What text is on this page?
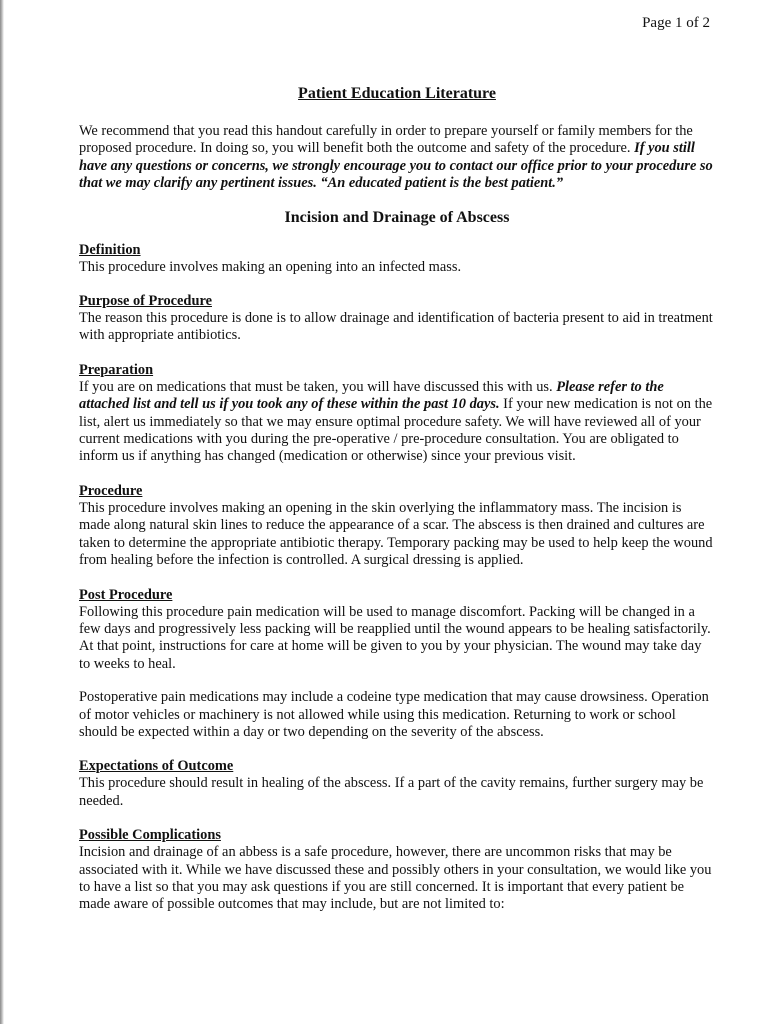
Page 1 of 2
Patient Education Literature

We recommend that you read this handout carefully in order to prepare yourself or family members for the proposed procedure. In doing so, you will benefit both the outcome and safety of the procedure. If you still have any questions or concerns, we strongly encourage you to contact our office prior to your procedure so that we may clarify any pertinent issues. “An educated patient is the best patient.”

Incision and Drainage of Abscess
Definition

This procedure involves making an opening into an infected mass.

Purpose of Procedure

The reason this procedure is done is to allow drainage and identification of bacteria present to aid in treatment with appropriate antibiotics.

Preparation

If you are on medications that must be taken, you will have discussed this with us. Please refer to the attached list and tell us if you took any of these within the past 10 days. If your new medication is not on the list, alert us immediately so that we may ensure optimal procedure safety. We will have reviewed all of your current medications with you during the pre-operative / pre-procedure consultation. You are obligated to inform us if anything has changed (medication or otherwise) since your previous visit.

Procedure

This procedure involves making an opening in the skin overlying the inflammatory mass. The incision is made along natural skin lines to reduce the appearance of a scar. The abscess is then drained and cultures are taken to determine the appropriate antibiotic therapy. Temporary packing may be used to help keep the wound from healing before the infection is controlled. A surgical dressing is applied.

Post Procedure

Following this procedure pain medication will be used to manage discomfort. Packing will be changed in a few days and progressively less packing will be reapplied until the wound appears to be healing satisfactorily. At that point, instructions for care at home will be given to you by your physician. The wound may take day to weeks to heal.

Postoperative pain medications may include a codeine type medication that may cause drowsiness. Operation of motor vehicles or machinery is not allowed while using this medication. Returning to work or school should be expected within a day or two depending on the severity of the abscess.

Expectations of Outcome

This procedure should result in healing of the abscess. If a part of the cavity remains, further surgery may be needed.

Possible Complications

Incision and drainage of an abbess is a safe procedure, however, there are uncommon risks that may be associated with it. While we have discussed these and possibly others in your consultation, we would like you to have a list so that you may ask questions if you are still concerned. It is important that every patient be made aware of possible outcomes that may include, but are not limited to:
